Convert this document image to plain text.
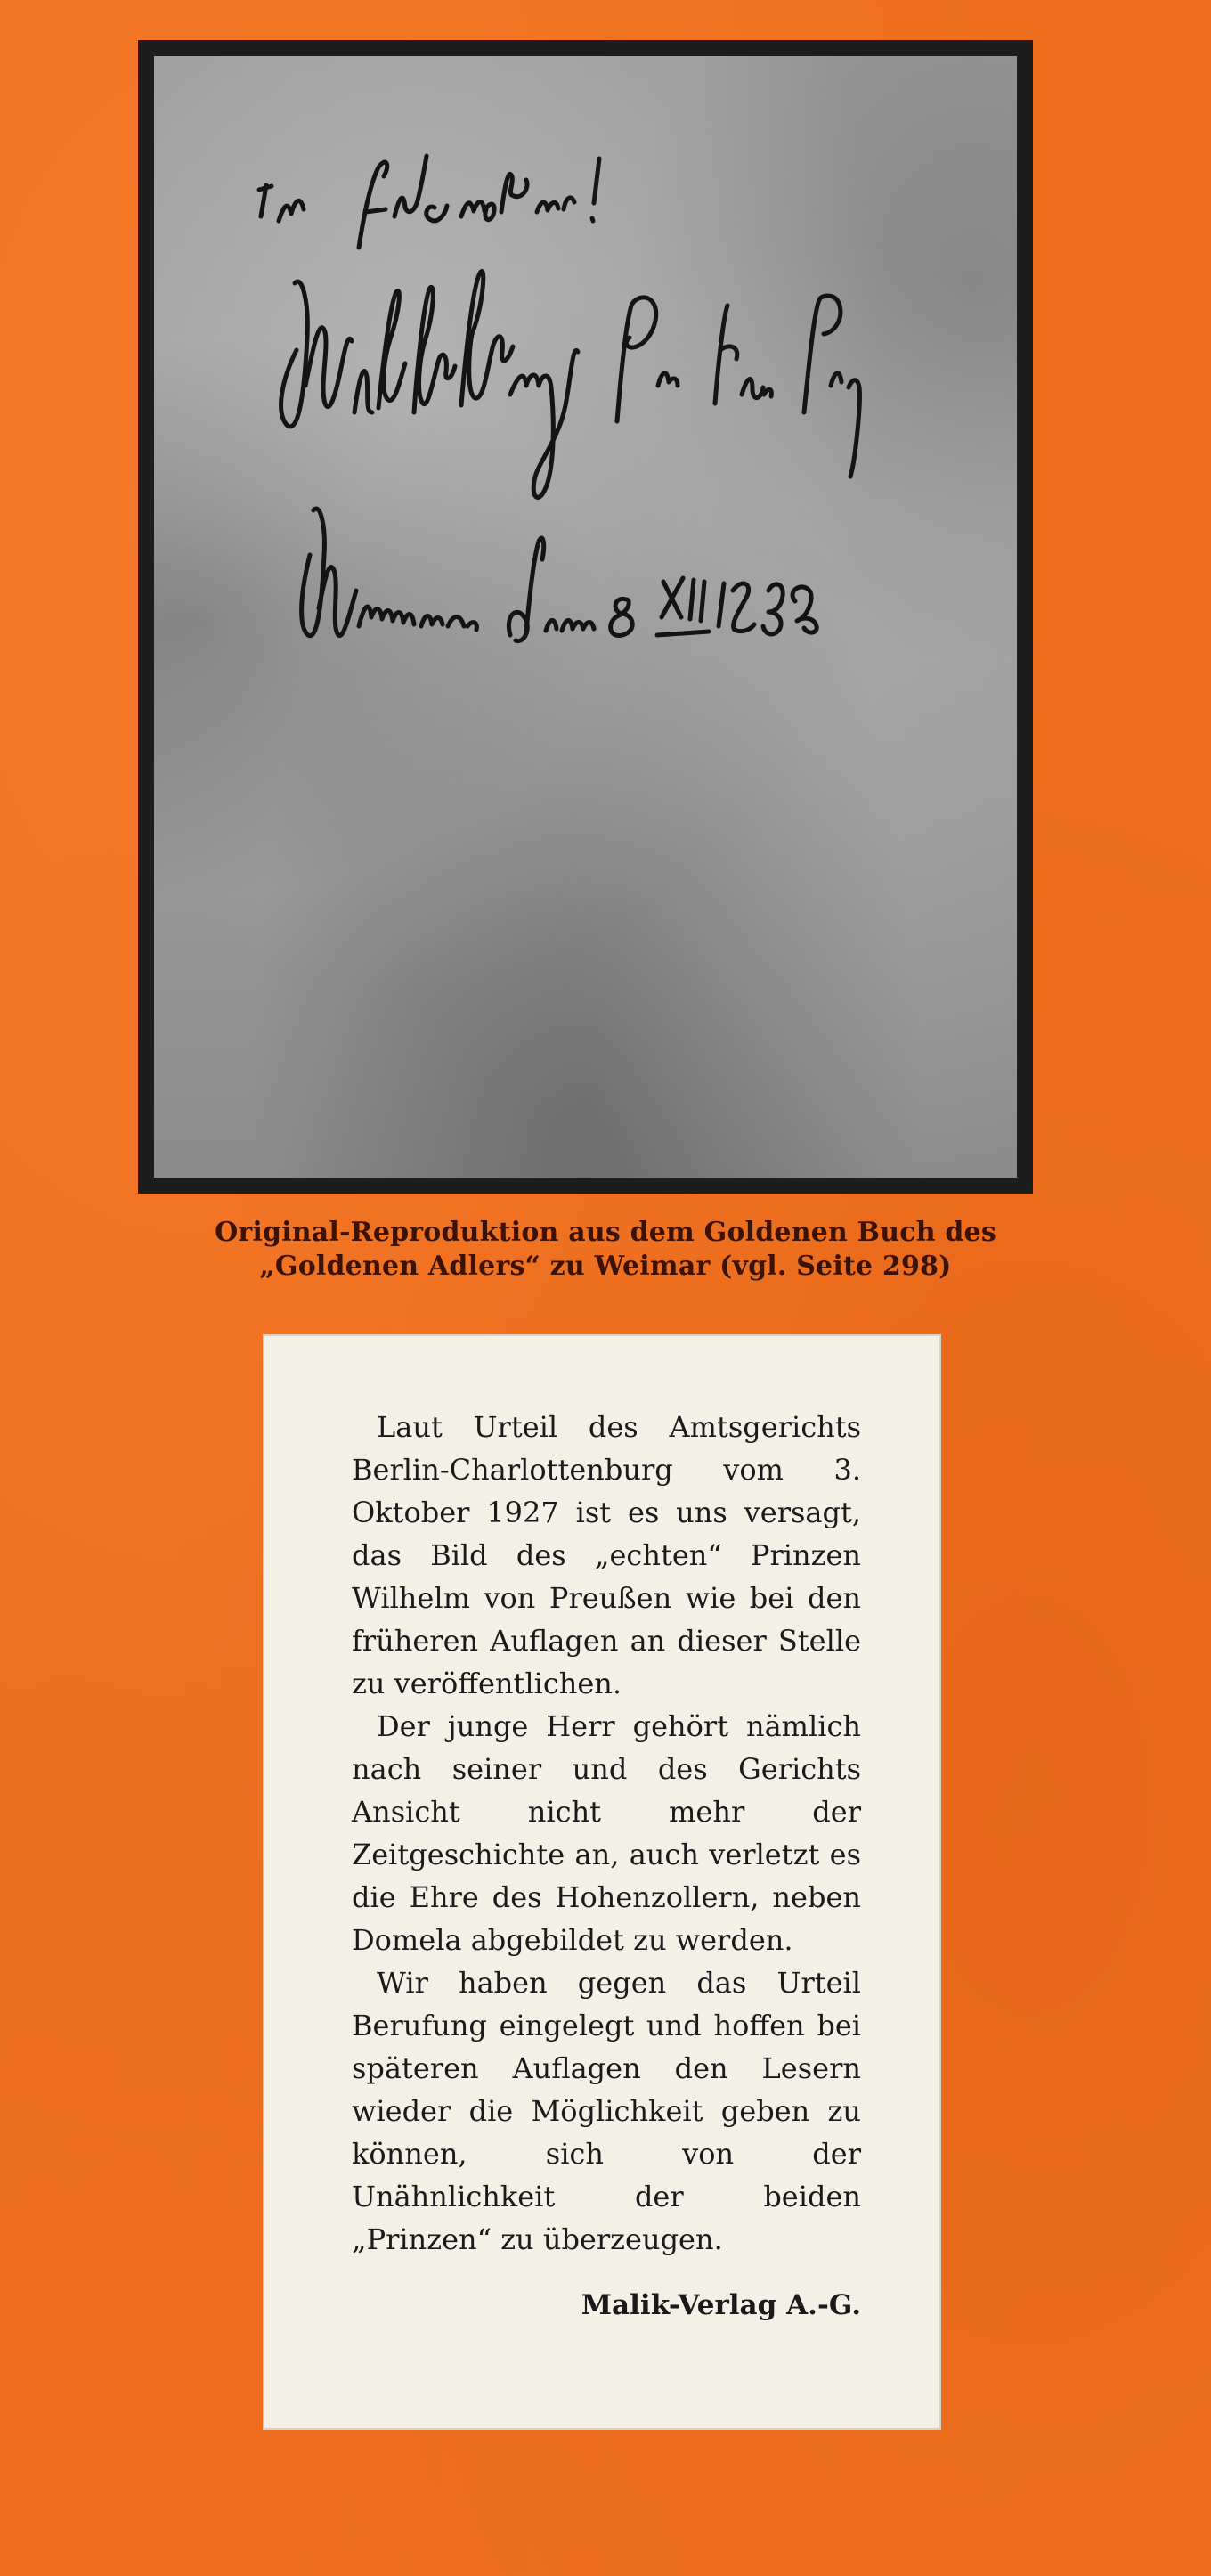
Original-Reproduktion aus dem Goldenen Buch des
„Goldenen Adlers“ zu Weimar (vgl. Seite 298)

Laut Urteil des Amtsgerichts Berlin-Charlottenburg vom 3. Oktober 1927 ist es uns versagt, das Bild des „echten“ Prinzen Wilhelm von Preußen wie bei den früheren Auflagen an dieser Stelle zu veröffentlichen.

Der junge Herr gehört nämlich nach seiner und des Gerichts Ansicht nicht mehr der Zeitgeschichte an, auch verletzt es die Ehre des Hohenzollern, neben Domela abgebildet zu werden.

Wir haben gegen das Urteil Berufung eingelegt und hoffen bei späteren Auflagen den Lesern wieder die Möglichkeit geben zu können, sich von der Unähnlichkeit der beiden „Prinzen“ zu überzeugen.

Malik-Verlag A.-G.
